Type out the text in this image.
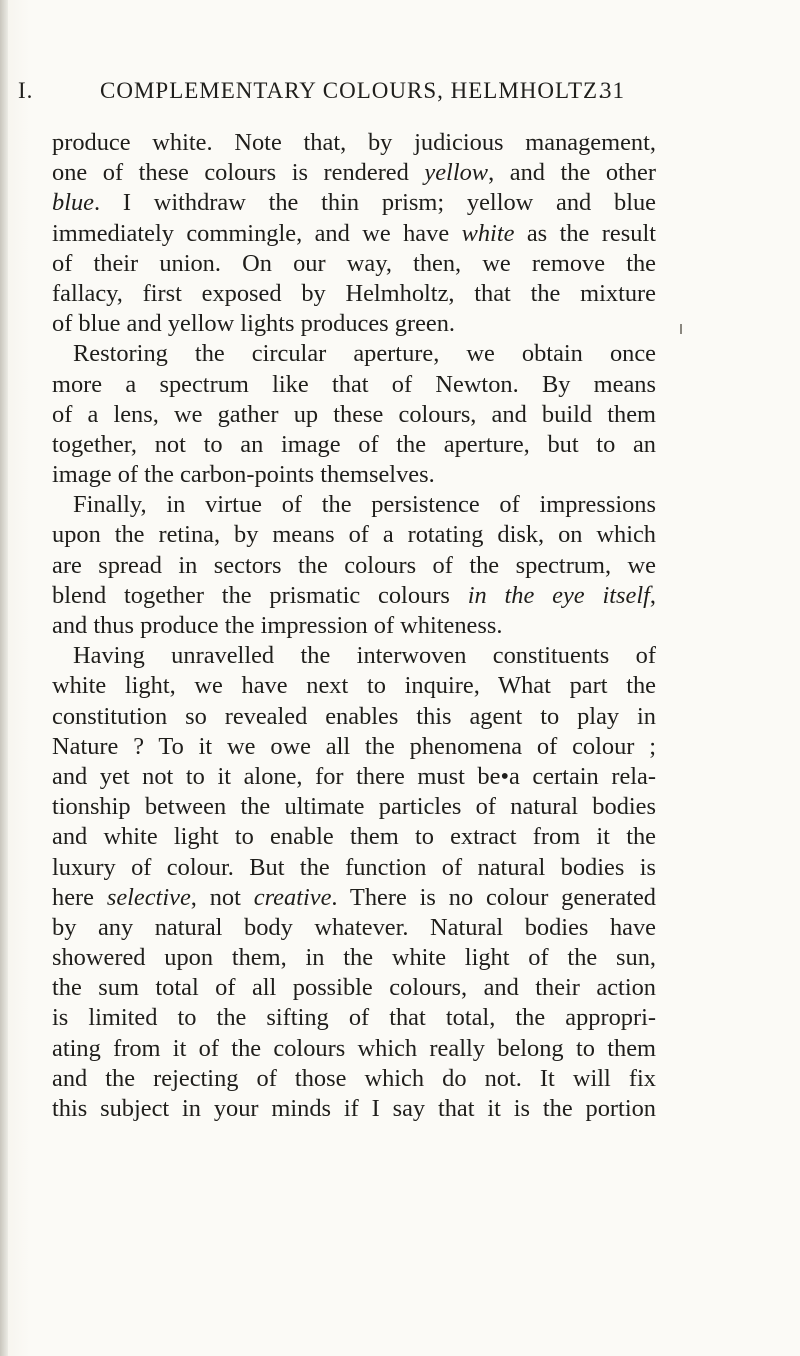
I.	COMPLEMENTARY COLOURS, HELMHOLTZ.
31
produce white. Note that, by judicious management,
one of these colours is rendered yellow, and the other
blue. I withdraw the thin prism; yellow and blue
immediately commingle, and we have white as the result
of their union. On our way, then, we remove the
fallacy, first exposed by Helmholtz, that the mixture
of blue and yellow lights produces green.
Restoring the circular aperture, we obtain once
more a spectrum like that of Newton. By means
of a lens, we gather up these colours, and build them
together, not to an image of the aperture, but to an
image of the carbon-points themselves.
Finally, in virtue of the persistence of impressions
upon the retina, by means of a rotating disk, on which
are spread in sectors the colours of the spectrum, we
blend together the prismatic colours in the eye itself,
and thus produce the impression of whiteness.
Having unravelled the interwoven constituents of
white light, we have next to inquire, What part the
constitution so revealed enables this agent to play in
Nature ? To it we owe all the phenomena of colour ;
and yet not to it alone, for there must be•a certain rela-
tionship between the ultimate particles of natural bodies
and white light to enable them to extract from it the
luxury of colour. But the function of natural bodies is
here selective, not creative. There is no colour generated
by any natural body whatever. Natural bodies have
showered upon them, in the white light of the sun,
the sum total of all possible colours, and their action
is limited to the sifting of that total, the appropri-
ating from it of the colours which really belong to them
and the rejecting of those which do not. It will fix
this subject in your minds if I say that it is the portion
